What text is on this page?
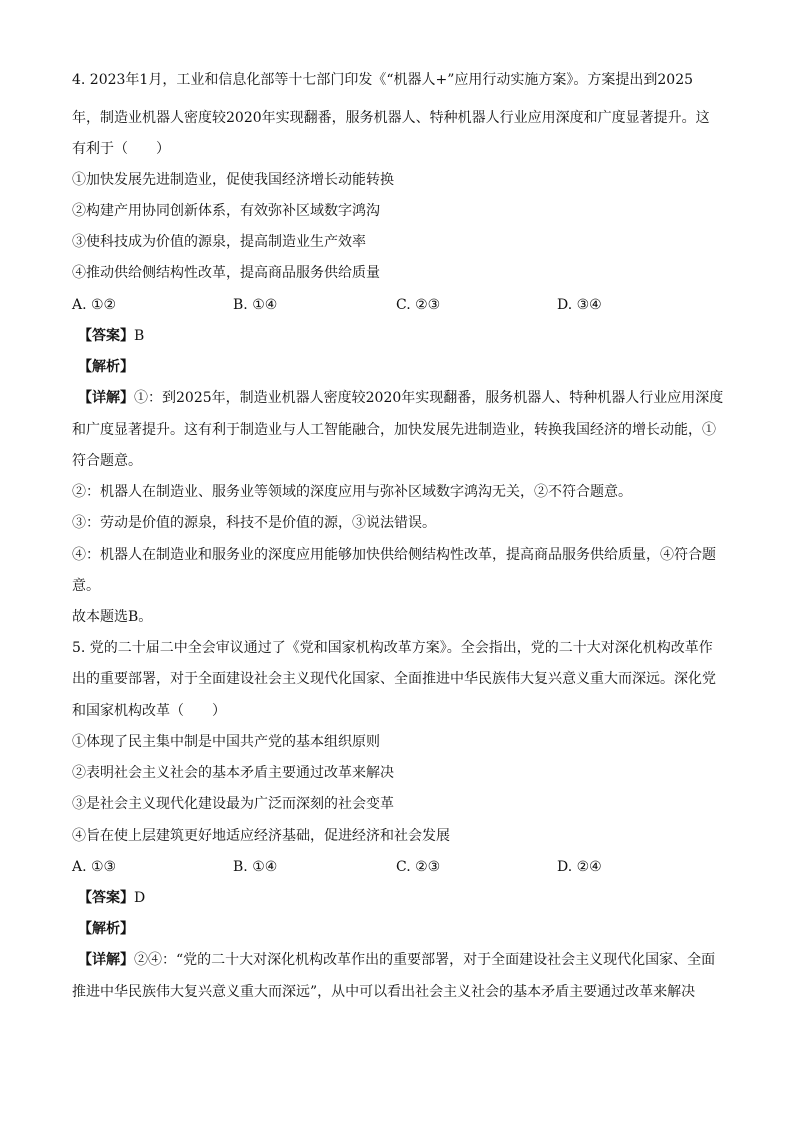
4. 2023年1月，工业和信息化部等十七部门印发《“机器人+”应用行动实施方案》。方案提出到2025
年，制造业机器人密度较2020年实现翻番，服务机器人、特种机器人行业应用深度和广度显著提升。这
有利于（　　）
①加快发展先进制造业，促使我国经济增长动能转换
②构建产用协同创新体系，有效弥补区域数字鸿沟
③使科技成为价值的源泉，提高制造业生产效率
④推动供给侧结构性改革，提高商品服务供给质量
A. ①②	B. ①④	C. ②③	D. ③④
【答案】B
【解析】
【详解】①：到2025年，制造业机器人密度较2020年实现翻番，服务机器人、特种机器人行业应用深度
和广度显著提升。这有利于制造业与人工智能融合，加快发展先进制造业，转换我国经济的增长动能，①
符合题意。
②：机器人在制造业、服务业等领域的深度应用与弥补区域数字鸿沟无关，②不符合题意。
③：劳动是价值的源泉，科技不是价值的源，③说法错误。
④：机器人在制造业和服务业的深度应用能够加快供给侧结构性改革，提高商品服务供给质量，④符合题
意。
故本题选B。
5. 党的二十届二中全会审议通过了《党和国家机构改革方案》。全会指出，党的二十大对深化机构改革作
出的重要部署，对于全面建设社会主义现代化国家、全面推进中华民族伟大复兴意义重大而深远。深化党
和国家机构改革（　　）
①体现了民主集中制是中国共产党的基本组织原则
②表明社会主义社会的基本矛盾主要通过改革来解决
③是社会主义现代化建设最为广泛而深刻的社会变革
④旨在使上层建筑更好地适应经济基础，促进经济和社会发展
A. ①③	B. ①④	C. ②③	D. ②④
【答案】D
【解析】
【详解】②④：“党的二十大对深化机构改革作出的重要部署，对于全面建设社会主义现代化国家、全面
推进中华民族伟大复兴意义重大而深远”，从中可以看出社会主义社会的基本矛盾主要通过改革来解决
